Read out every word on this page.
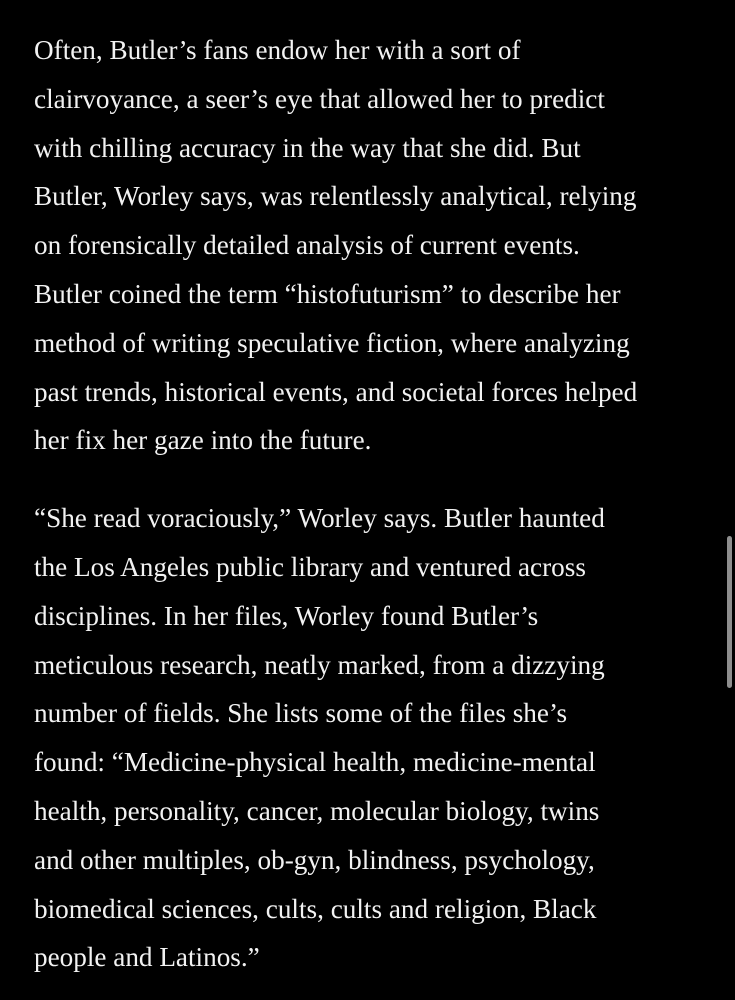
Often, Butler’s fans endow her with a sort of
clairvoyance, a seer’s eye that allowed her to predict
with chilling accuracy in the way that she did. But
Butler, Worley says, was relentlessly analytical, relying
on forensically detailed analysis of current events.
Butler coined the term “histofuturism” to describe her
method of writing speculative fiction, where analyzing
past trends, historical events, and societal forces helped
her fix her gaze into the future.

“She read voraciously,” Worley says. Butler haunted
the Los Angeles public library and ventured across
disciplines. In her files, Worley found Butler’s
meticulous research, neatly marked, from a dizzying
number of fields. She lists some of the files she’s
found: “Medicine-physical health, medicine-mental
health, personality, cancer, molecular biology, twins
and other multiples, ob-gyn, blindness, psychology,
biomedical sciences, cults, cults and religion, Black
people and Latinos.”
